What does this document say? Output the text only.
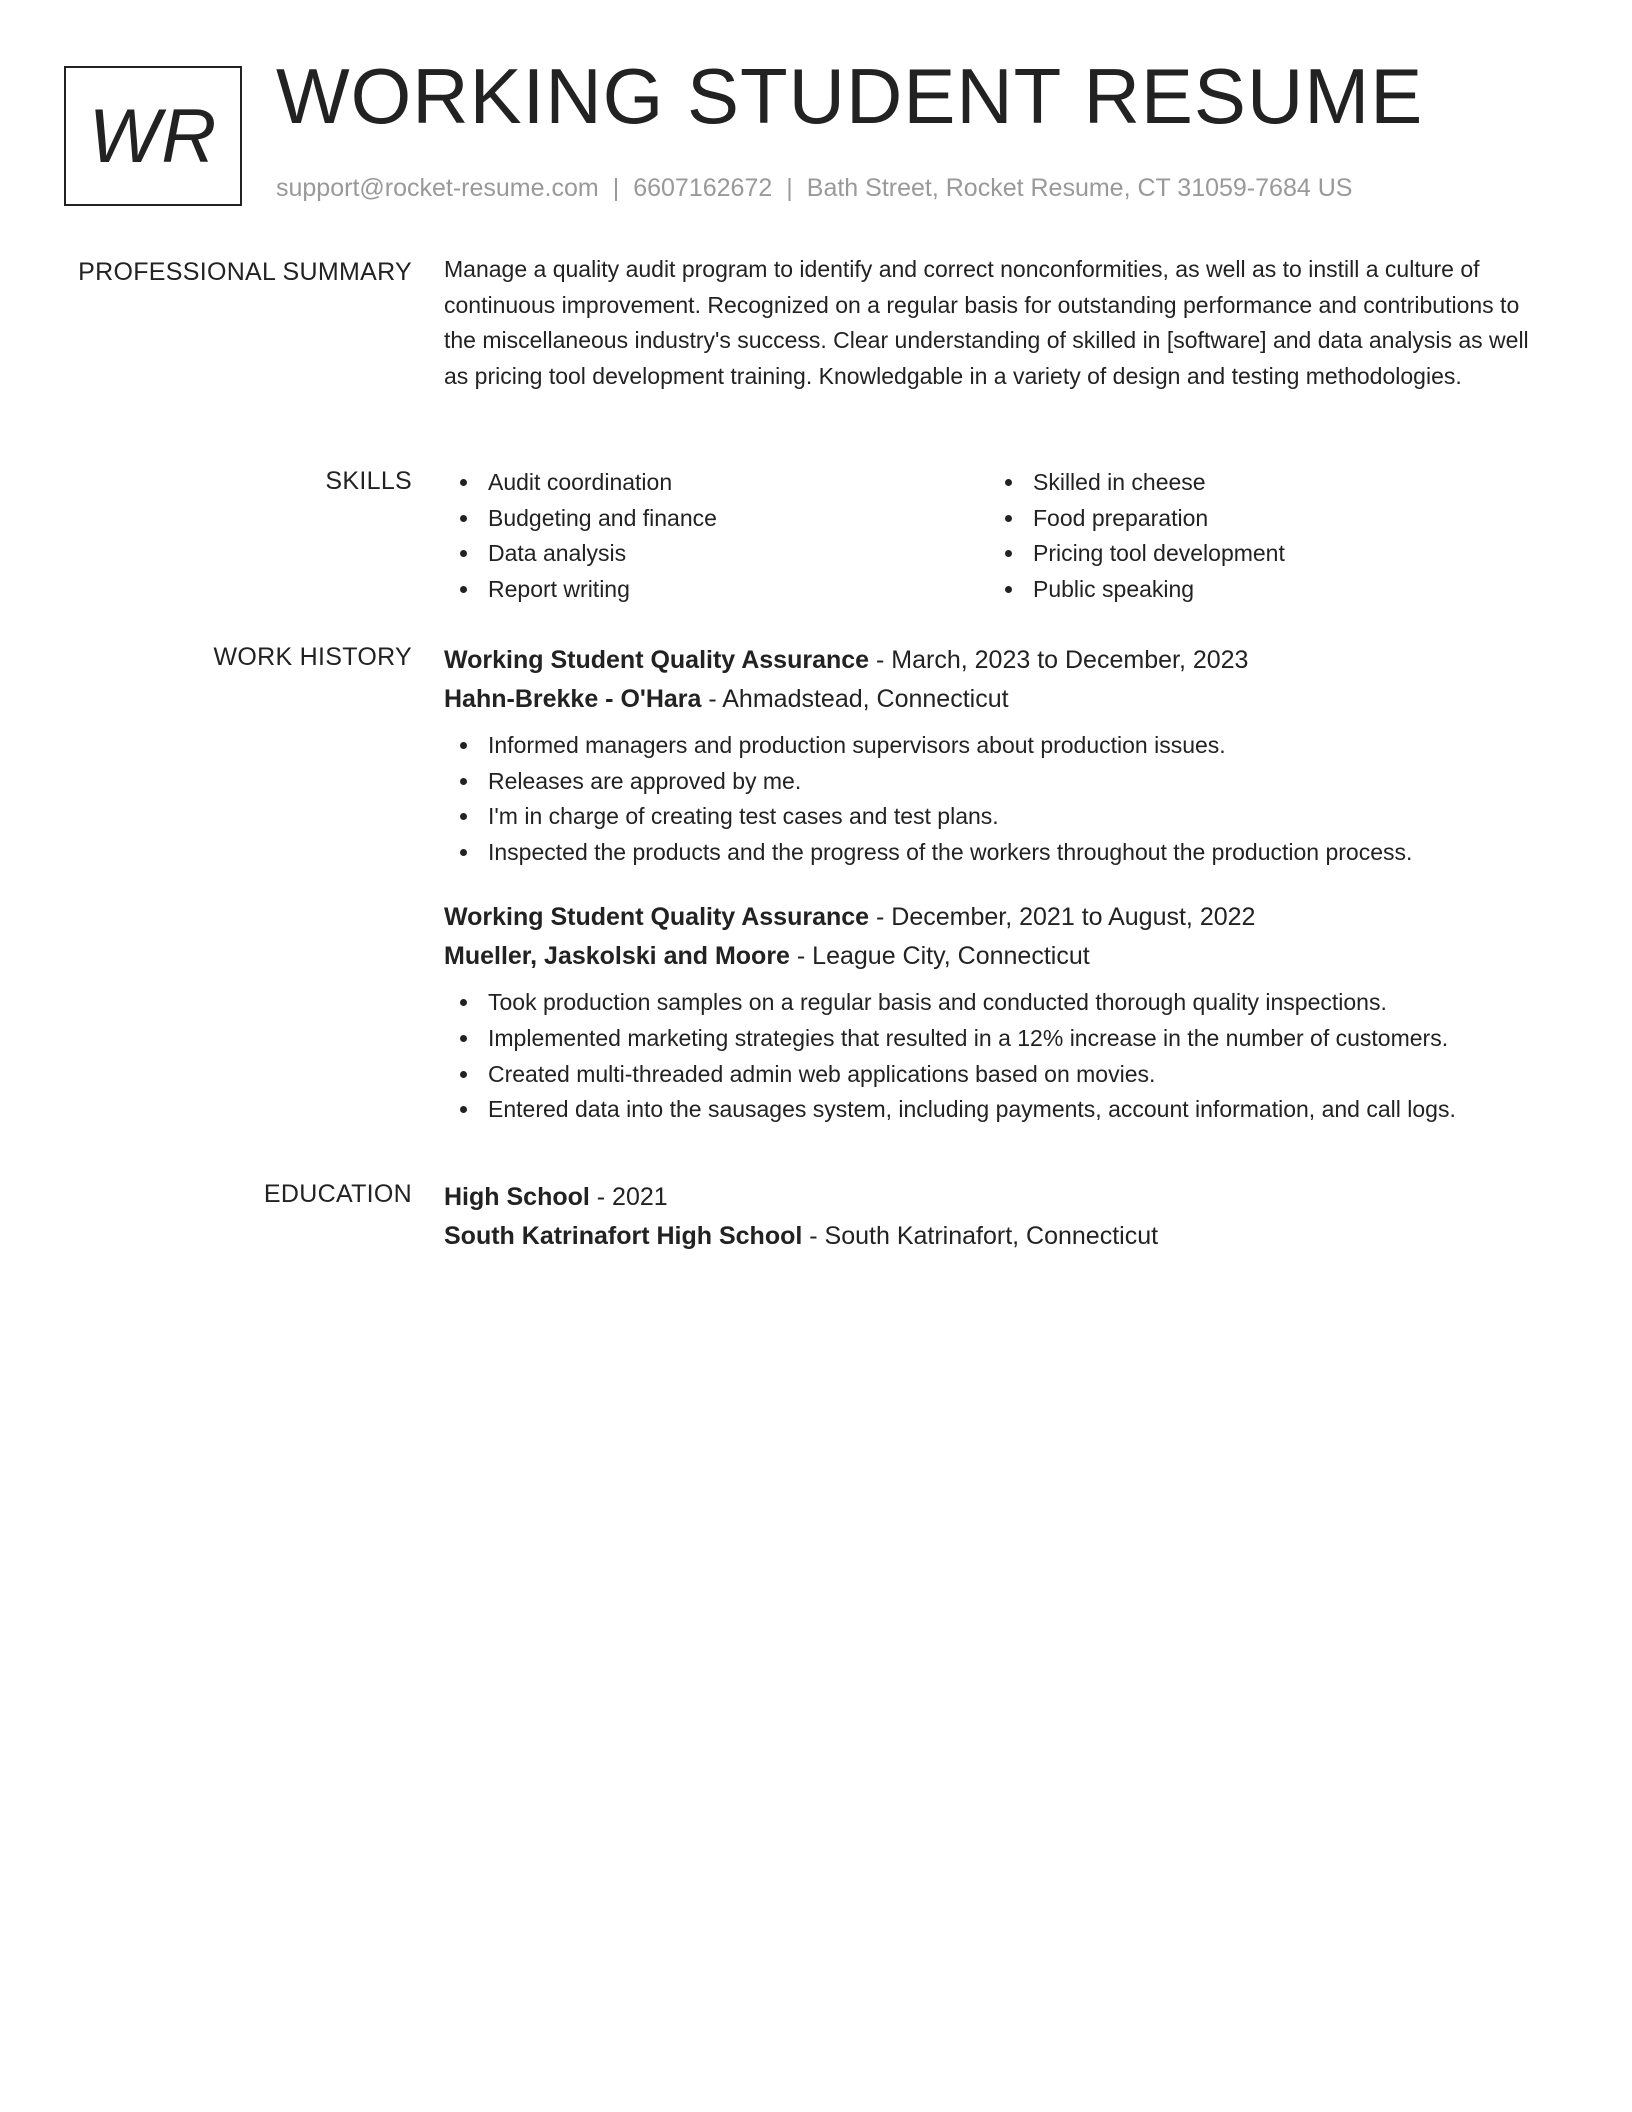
WR WORKING STUDENT RESUME
support@rocket-resume.com | 6607162672 | Bath Street, Rocket Resume, CT 31059-7684 US
PROFESSIONAL SUMMARY Manage a quality audit program to identify and correct nonconformities, as well as to instill a culture of continuous improvement. Recognized on a regular basis for outstanding performance and contributions to the miscellaneous industry's success. Clear understanding of skilled in [software] and data analysis as well as pricing tool development training. Knowledgable in a variety of design and testing methodologies.

SKILLS	Audit coordination
Budgeting and finance
Data analysis
Report writing
Skilled in cheese
Food preparation
Pricing tool development
Public speaking
WORK HISTORY Working Student Quality Assurance - March, 2023 to December, 2023
Hahn-Brekke - O'Hara - Ahmadstead, Connecticut
Informed managers and production supervisors about production issues.
Releases are approved by me.
I'm in charge of creating test cases and test plans.
Inspected the products and the progress of the workers throughout the production process.
Working Student Quality Assurance - December, 2021 to August, 2022
Mueller, Jaskolski and Moore - League City, Connecticut
Took production samples on a regular basis and conducted thorough quality inspections.
Implemented marketing strategies that resulted in a 12% increase in the number of customers.
Created multi-threaded admin web applications based on movies.
Entered data into the sausages system, including payments, account information, and call logs.
EDUCATION High School - 2021
South Katrinafort High School - South Katrinafort, Connecticut
